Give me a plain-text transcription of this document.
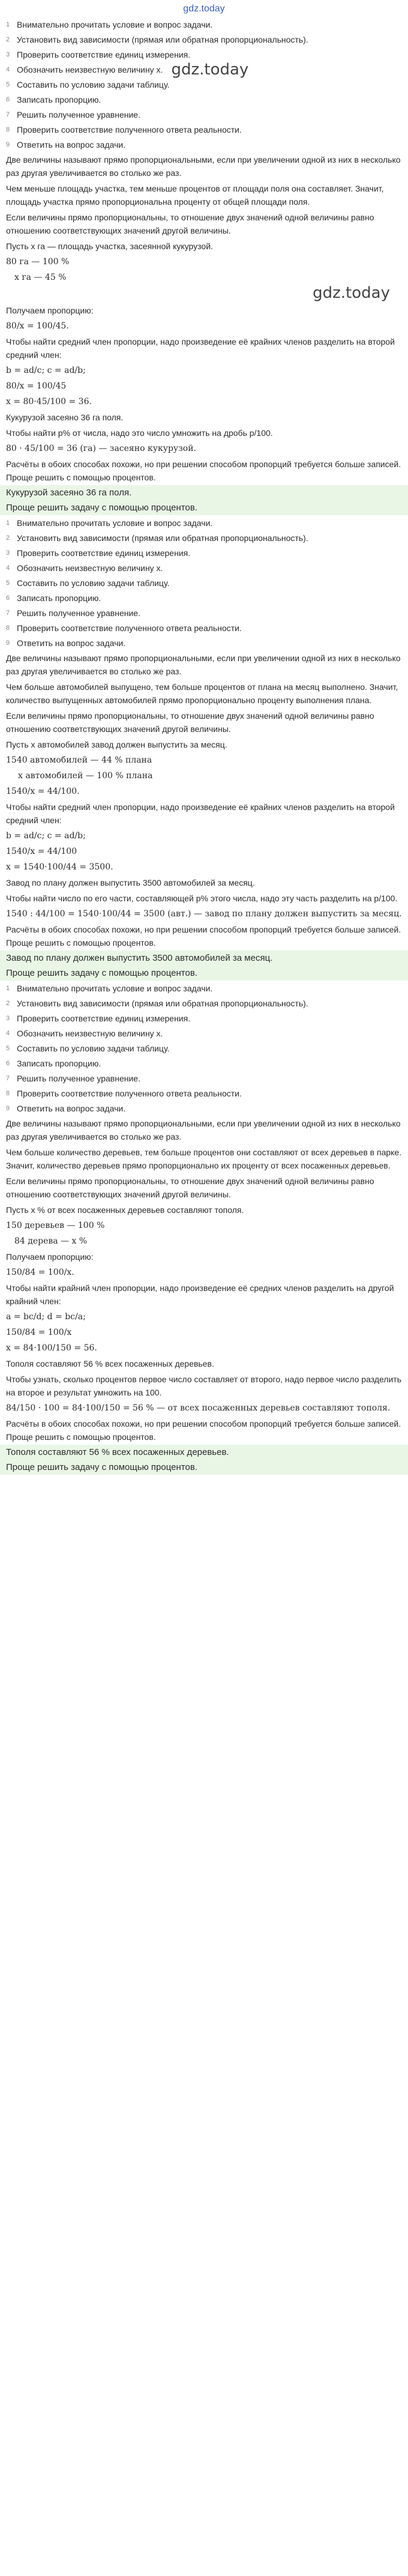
gdz.today
1 Внимательно прочитать условие и вопрос задачи.
2 Установить вид зависимости (прямая или обратная пропорциональность).
3 Проверить соответствие единиц измерения.
4 Обозначить неизвестную величину x. gdz.today
5 Составить по условию задачи таблицу.
6 Записать пропорцию.
7 Решить полученное уравнение.
8 Проверить соответствие полученного ответа реальности.
9 Ответить на вопрос задачи.
Две величины называют прямо пропорциональными, если при увеличении одной из них в несколько раз другая увеличивается во столько же раз.
Чем меньше площадь участка, тем меньше процентов от площади поля она составляет. Значит, площадь участка прямо пропорциональна проценту от общей площади поля.
Если величины прямо пропорциональны, то отношение двух значений одной величины равно отношению соответствующих значений другой величины.
Пусть x га — площадь участка, засеянной кукурузой.
80 га — 100 %
x га — 45 %
gdz.today
Получаем пропорцию:
80/x = 100/45.
Чтобы найти средний член пропорции, надо произведение её крайних членов разделить на второй средний член:
b = ad/c; c = ad/b;
80/x = 100/45
x = 80·45/100 = 36.
Кукурузой засеяно 36 га поля.
Чтобы найти p% от числа, надо это число умножить на дробь p/100.
80 · 45/100 = 36 (га) — засеяно кукурузой.
Расчёты в обоих способах похожи, но при решении способом пропорций требуется больше записей. Проще решить с помощью процентов.
Кукурузой засеяно 36 га поля.
Проще решить задачу с помощью процентов.
1 Внимательно прочитать условие и вопрос задачи.
2 Установить вид зависимости (прямая или обратная пропорциональность).
3 Проверить соответствие единиц измерения.
4 Обозначить неизвестную величину x.
5 Составить по условию задачи таблицу.
6 Записать пропорцию.
7 Решить полученное уравнение.
8 Проверить соответствие полученного ответа реальности.
9 Ответить на вопрос задачи.
Две величины называют прямо пропорциональными, если при увеличении одной из них в несколько раз другая увеличивается во столько же раз.
Чем больше автомобилей выпущено, тем больше процентов от плана на месяц выполнено. Значит, количество выпущенных автомобилей прямо пропорционально проценту выполнения плана.
Если величины прямо пропорциональны, то отношение двух значений одной величины равно отношению соответствующих значений другой величины.
Пусть x автомобилей завод должен выпустить за месяц.
1540 автомобилей — 44 % плана
x автомобилей — 100 % плана
1540/x = 44/100.
Чтобы найти средний член пропорции, надо произведение её крайних членов разделить на второй средний член:
b = ad/c; c = ad/b;
1540/x = 44/100
x = 1540·100/44 = 3500.
Завод по плану должен выпустить 3500 автомобилей за месяц.
Чтобы найти число по его части, составляющей p% этого числа, надо эту часть разделить на p/100.
1540 : 44/100 = 1540·100/44 = 3500 (авт.) — завод по плану должен выпустить за месяц.
Расчёты в обоих способах похожи, но при решении способом пропорций требуется больше записей. Проще решить с помощью процентов.
Завод по плану должен выпустить 3500 автомобилей за месяц.
Проще решить задачу с помощью процентов.
1 Внимательно прочитать условие и вопрос задачи.
2 Установить вид зависимости (прямая или обратная пропорциональность).
3 Проверить соответствие единиц измерения.
4 Обозначить неизвестную величину x.
5 Составить по условию задачи таблицу.
6 Записать пропорцию.
7 Решить полученное уравнение.
8 Проверить соответствие полученного ответа реальности.
9 Ответить на вопрос задачи.
Две величины называют прямо пропорциональными, если при увеличении одной из них в несколько раз другая увеличивается во столько же раз.
Чем больше количество деревьев, тем больше процентов они составляют от всех деревьев в парке. Значит, количество деревьев прямо пропорционально их проценту от всех посаженных деревьев.
Если величины прямо пропорциональны, то отношение двух значений одной величины равно отношению соответствующих значений другой величины.
Пусть x % от всех посаженных деревьев составляют тополя.
150 деревьев — 100 %
84 дерева — x %
Получаем пропорцию:
150/84 = 100/x.
Чтобы найти крайний член пропорции, надо произведение её средних членов разделить на другой крайний член:
a = bc/d; d = bc/a;
150/84 = 100/x
x = 84·100/150 = 56.
Тополя составляют 56 % всех посаженных деревьев.
Чтобы узнать, сколько процентов первое число составляет от второго, надо первое число разделить на второе и результат умножить на 100.
84/150 · 100 = 84·100/150 = 56 % — от всех посаженных деревьев составляют тополя.
Расчёты в обоих способах похожи, но при решении способом пропорций требуется больше записей. Проще решить с помощью процентов.
Тополя составляют 56 % всех посаженных деревьев.
Проще решить задачу с помощью процентов.
